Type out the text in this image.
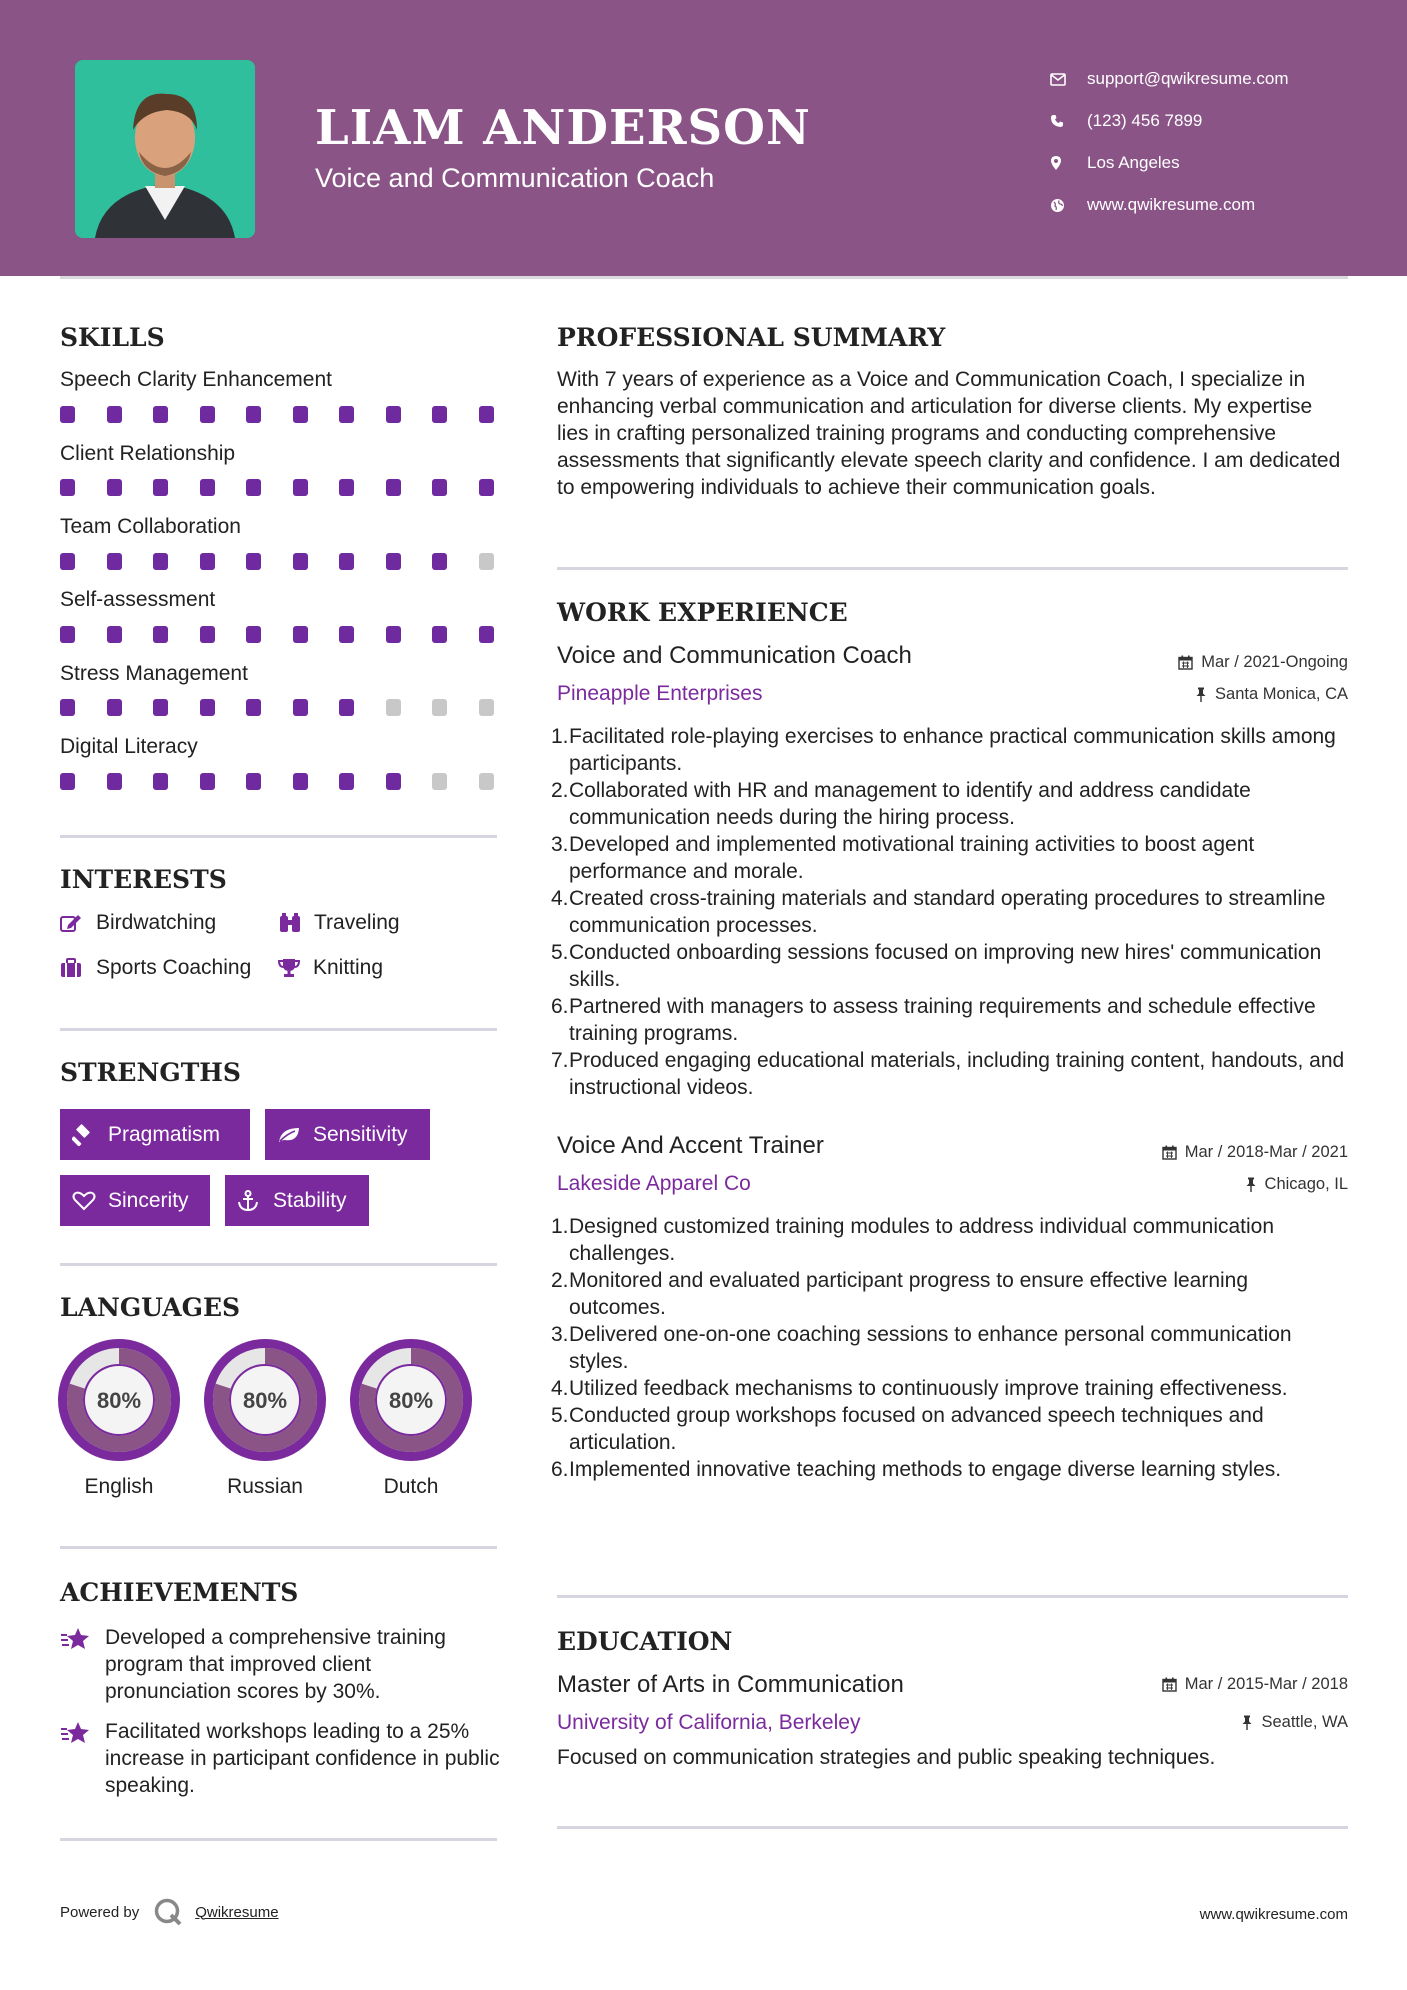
LIAM ANDERSON
Voice and Communication Coach
support@qwikresume.com
(123) 456 7899
Los Angeles
www.qwikresume.com
SKILLS
Speech Clarity Enhancement
Client Relationship
Team Collaboration
Self-assessment
Stress Management
Digital Literacy
INTERESTS
Birdwatching	Traveling
Sports Coaching	Knitting
STRENGTHS
Pragmatism	Sensitivity
Sincerity	Stability
LANGUAGES
80%
English
80%
Russian
80%
Dutch
ACHIEVEMENTS
Developed a comprehensive training program that improved client pronunciation scores by 30%.
Facilitated workshops leading to a 25% increase in participant confidence in public speaking.
PROFESSIONAL SUMMARY
With 7 years of experience as a Voice and Communication Coach, I specialize in enhancing verbal communication and articulation for diverse clients. My expertise lies in crafting personalized training programs and conducting comprehensive assessments that significantly elevate speech clarity and confidence. I am dedicated to empowering individuals to achieve their communication goals.
WORK EXPERIENCE
Voice and Communication Coach	Mar / 2021-Ongoing
Pineapple Enterprises	Santa Monica, CA
1. Facilitated role-playing exercises to enhance practical communication skills among participants.
2. Collaborated with HR and management to identify and address candidate communication needs during the hiring process.
3. Developed and implemented motivational training activities to boost agent performance and morale.
4. Created cross-training materials and standard operating procedures to streamline communication processes.
5. Conducted onboarding sessions focused on improving new hires' communication skills.
6. Partnered with managers to assess training requirements and schedule effective training programs.
7. Produced engaging educational materials, including training content, handouts, and instructional videos.
Voice And Accent Trainer	Mar / 2018-Mar / 2021
Lakeside Apparel Co	Chicago, IL
1. Designed customized training modules to address individual communication challenges.
2. Monitored and evaluated participant progress to ensure effective learning outcomes.
3. Delivered one-on-one coaching sessions to enhance personal communication styles.
4. Utilized feedback mechanisms to continuously improve training effectiveness.
5. Conducted group workshops focused on advanced speech techniques and articulation.
6. Implemented innovative teaching methods to engage diverse learning styles.
EDUCATION
Master of Arts in Communication	Mar / 2015-Mar / 2018
University of California, Berkeley	Seattle, WA
Focused on communication strategies and public speaking techniques.
Powered by	Qwikresume	www.qwikresume.com
